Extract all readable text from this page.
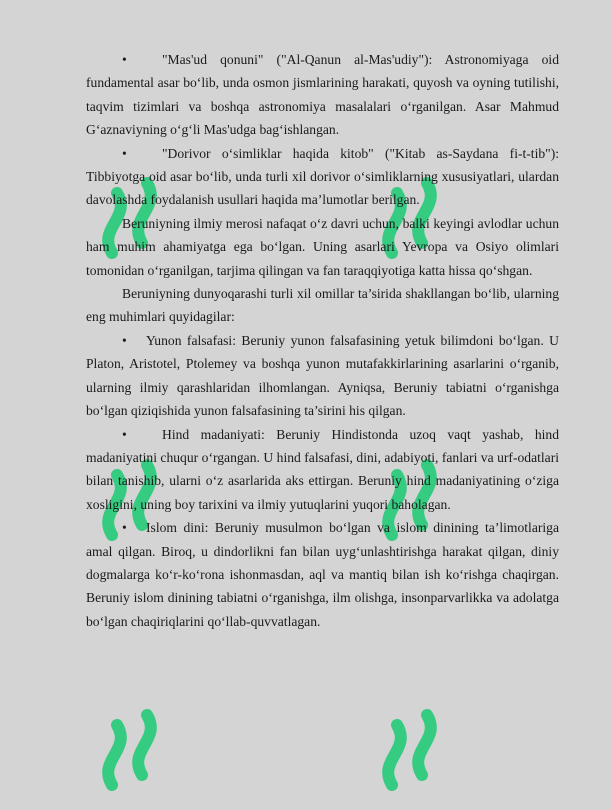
•	"Mas'ud qonuni" ("Al-Qanun al-Mas'udiy"): Astronomiyaga oid fundamental asar bo‘lib, unda osmon jismlarining harakati, quyosh va oyning tutilishi, taqvim tizimlari va boshqa astronomiya masalalari o‘rganilgan. Asar Mahmud G‘aznaviyning o‘g‘li Mas'udga bag‘ishlangan.

•	"Dorivor o‘simliklar haqida kitob" ("Kitab as-Saydana fi-t-tib"): Tibbiyotga oid asar bo‘lib, unda turli xil dorivor o‘simliklarning xususiyatlari, ulardan davolashda foydalanish usullari haqida ma’lumotlar berilgan.

Beruniyning ilmiy merosi nafaqat o‘z davri uchun, balki keyingi avlodlar uchun ham muhim ahamiyatga ega bo‘lgan. Uning asarlari Yevropa va Osiyo olimlari tomonidan o‘rganilgan, tarjima qilingan va fan taraqqiyotiga katta hissa qo‘shgan.

Beruniyning dunyoqarashi turli xil omillar ta’sirida shakllangan bo‘lib, ularning eng muhimlari quyidagilar:

• Yunon falsafasi: Beruniy yunon falsafasining yetuk bilimdoni bo‘lgan. U Platon, Aristotel, Ptolemey va boshqa yunon mutafakkirlarining asarlarini o‘rganib, ularning ilmiy qarashlaridan ilhomlangan. Ayniqsa, Beruniy tabiatni o‘rganishga bo‘lgan qiziqishida yunon falsafasining ta’sirini his qilgan.

•	Hind madaniyati: Beruniy Hindistonda uzoq vaqt yashab, hind madaniyatini chuqur o‘rgangan. U hind falsafasi, dini, adabiyoti, fanlari va urf-odatlari bilan tanishib, ularni o‘z asarlarida aks ettirgan. Beruniy hind madaniyatining o‘ziga xosligini, uning boy tarixini va ilmiy yutuqlarini yuqori baholagan.

• Islom dini: Beruniy musulmon bo‘lgan va islom dinining ta’limotlariga amal qilgan. Biroq, u dindorlikni fan bilan uyg‘unlashtirishga harakat qilgan, diniy dogmalarga ko‘r-ko‘rona ishonmasdan, aql va mantiq bilan ish ko‘rishga chaqirgan. Beruniy islom dinining tabiatni o‘rganishga, ilm olishga, insonparvarlikka va adolatga bo‘lgan chaqiriqlarini qo‘llab-quvvatlagan.
